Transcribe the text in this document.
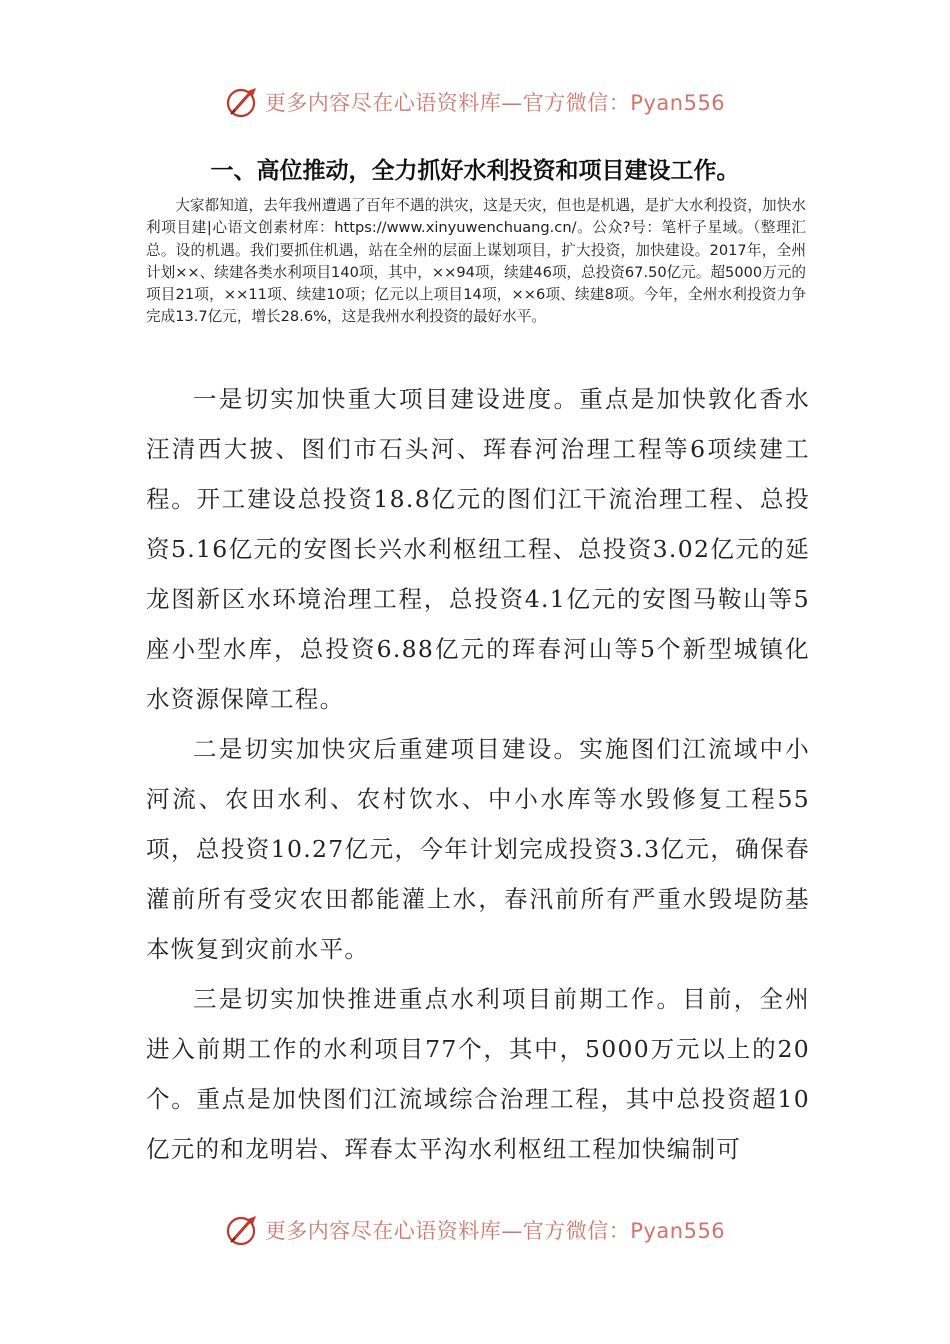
更多内容尽在心语资料库—官方微信：Pyan556
一、高位推动，全力抓好水利投资和项目建设工作。

大家都知道，去年我州遭遇了百年不遇的洪灾，这是天灾，但也是机遇，是扩大水利投资，加快水利项目建|心语文创素材库：https://www.xinyuwenchuang.cn/。公众?号：笔杆子星域。（整理汇总。设的机遇。我们要抓住机遇，站在全州的层面上谋划项目，扩大投资，加快建设。2017年，全州计划××、续建各类水利项目140项，其中，××94项，续建46项，总投资67.50亿元。超5000万元的项目21项，××11项、续建10项；亿元以上项目14项，××6项、续建8项。今年，全州水利投资力争完成13.7亿元，增长28.6%，这是我州水利投资的最好水平。

一是切实加快重大项目建设进度。重点是加快敦化香水汪清西大披、图们市石头河、珲春河治理工程等6项续建工程。开工建设总投资18.8亿元的图们江干流治理工程、总投资5.16亿元的安图长兴水利枢纽工程、总投资3.02亿元的延龙图新区水环境治理工程，总投资4.1亿元的安图马鞍山等5座小型水库，总投资6.88亿元的珲春河山等5个新型城镇化水资源保障工程。

二是切实加快灾后重建项目建设。实施图们江流域中小河流、农田水利、农村饮水、中小水库等水毁修复工程55项，总投资10.27亿元，今年计划完成投资3.3亿元，确保春灌前所有受灾农田都能灌上水，春汛前所有严重水毁堤防基本恢复到灾前水平。

三是切实加快推进重点水利项目前期工作。目前，全州进入前期工作的水利项目77个，其中，5000万元以上的20个。重点是加快图们江流域综合治理工程，其中总投资超10亿元的和龙明岩、珲春太平沟水利枢纽工程加快编制可

更多内容尽在心语资料库—官方微信：Pyan556
